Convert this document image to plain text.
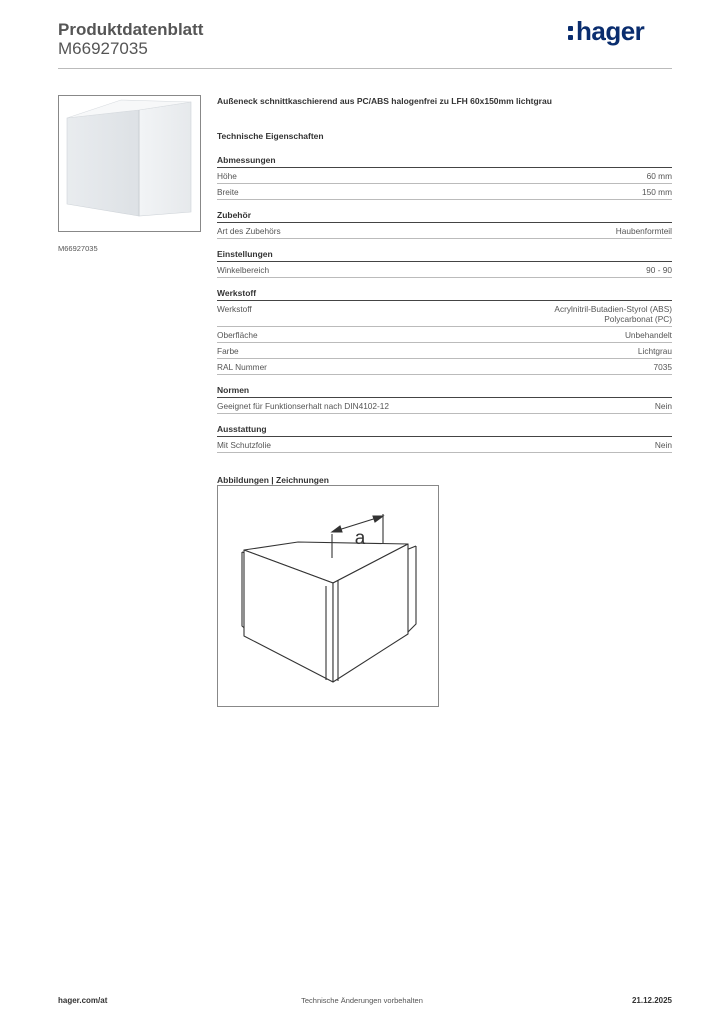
Produktdatenblatt
M66927035
hager
M66927035
Außeneck schnittkaschierend aus PC/ABS halogenfrei zu LFH 60x150mm lichtgrau
Technische Eigenschaften
Abmessungen
Höhe	60 mm
Breite	150 mm
Zubehör
Art des Zubehörs	Haubenformteil
Einstellungen
Winkelbereich	90 - 90
Werkstoff
Werkstoff	Acrylnitril-Butadien-Styrol (ABS)
Polycarbonat (PC)
Oberfläche	Unbehandelt
Farbe	Lichtgrau
RAL Nummer	7035
Normen
Geeignet für Funktionserhalt nach DIN4102-12	Nein
Ausstattung
Mit Schutzfolie	Nein
Abbildungen | Zeichnungen
a
hager.com/at	Technische Änderungen vorbehalten	21.12.2025
